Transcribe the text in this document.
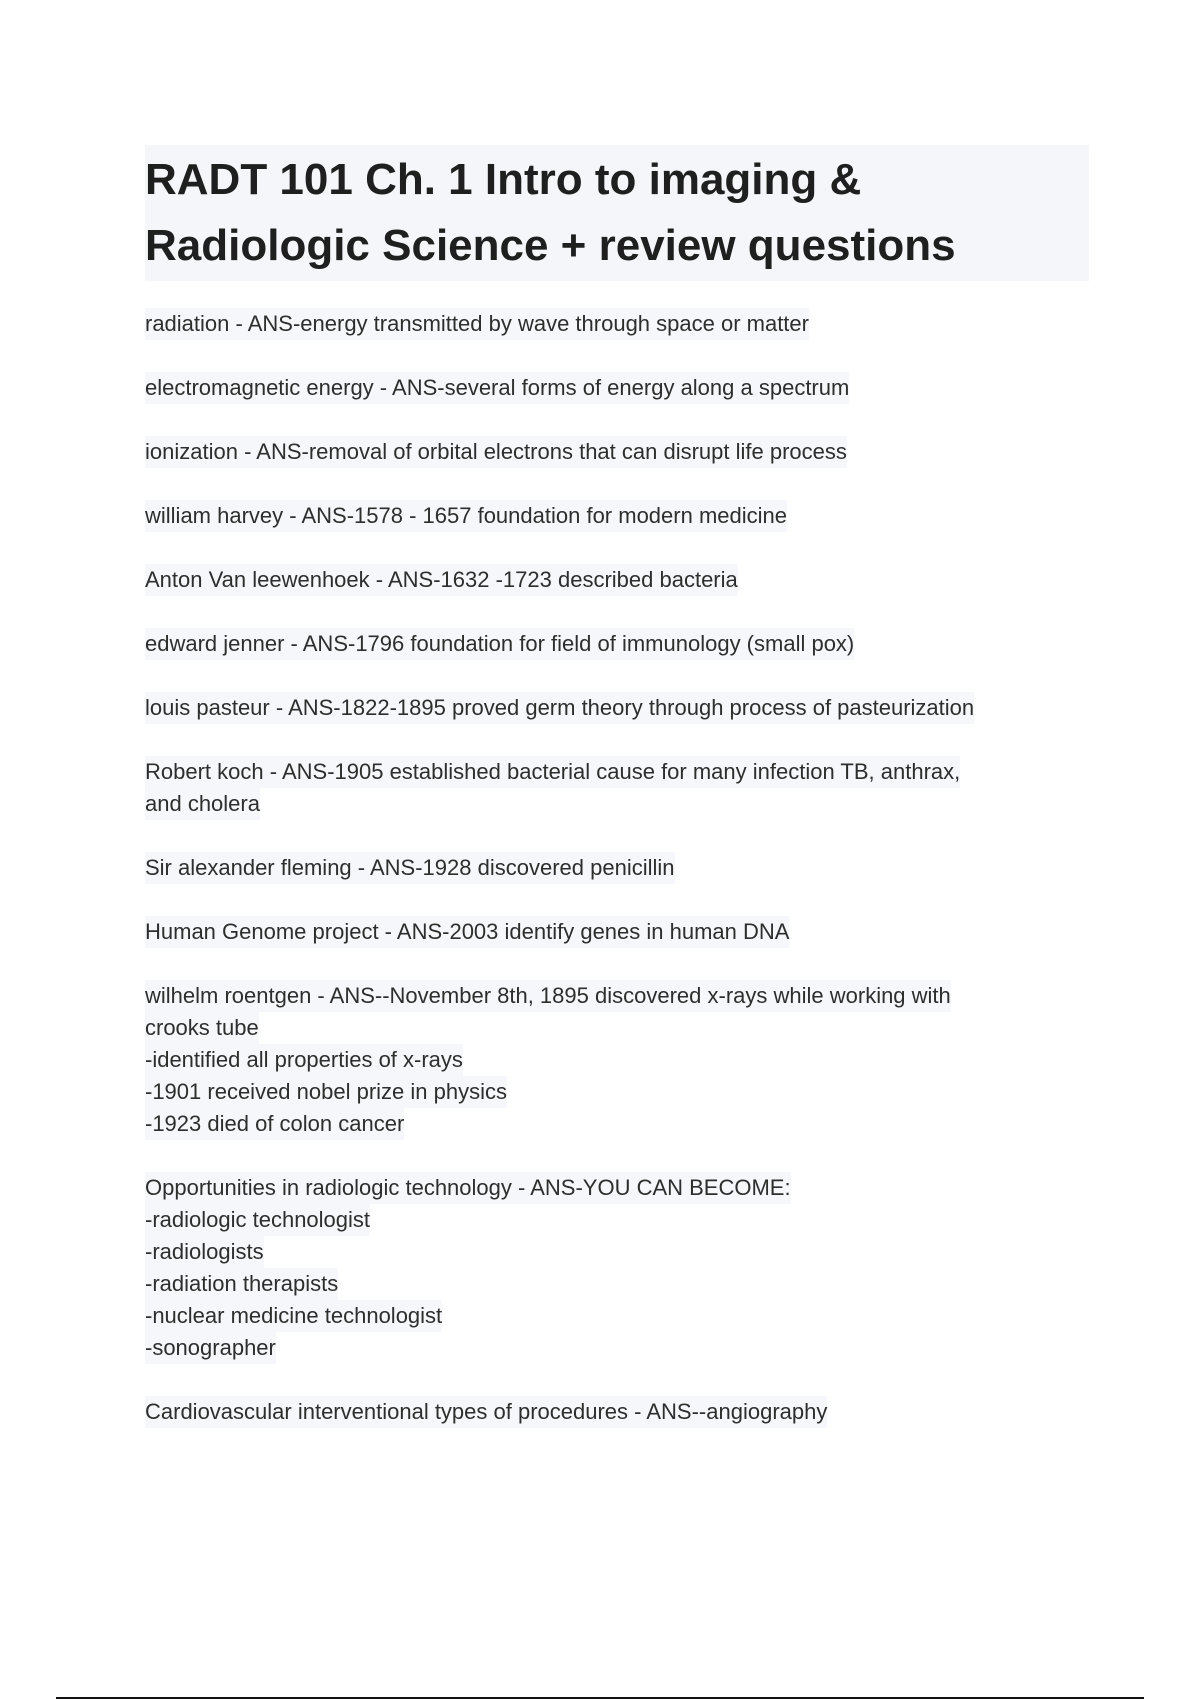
RADT 101 Ch. 1 Intro to imaging &

Radiologic Science + review questions

radiation - ANS-energy transmitted by wave through space or matter
electromagnetic energy - ANS-several forms of energy along a spectrum
ionization - ANS-removal of orbital electrons that can disrupt life process
william harvey - ANS-1578 - 1657 foundation for modern medicine
Anton Van leewenhoek - ANS-1632 -1723 described bacteria
edward jenner - ANS-1796 foundation for field of immunology (small pox)
louis pasteur - ANS-1822-1895 proved germ theory through process of pasteurization
Robert koch - ANS-1905 established bacterial cause for many infection TB, anthrax,
and cholera
Sir alexander fleming - ANS-1928 discovered penicillin
Human Genome project - ANS-2003 identify genes in human DNA
wilhelm roentgen - ANS--November 8th, 1895 discovered x-rays while working with
crooks tube
-identified all properties of x-rays
-1901 received nobel prize in physics
-1923 died of colon cancer
Opportunities in radiologic technology - ANS-YOU CAN BECOME:
-radiologic technologist
-radiologists
-radiation therapists
-nuclear medicine technologist
-sonographer
Cardiovascular interventional types of procedures - ANS--angiography
